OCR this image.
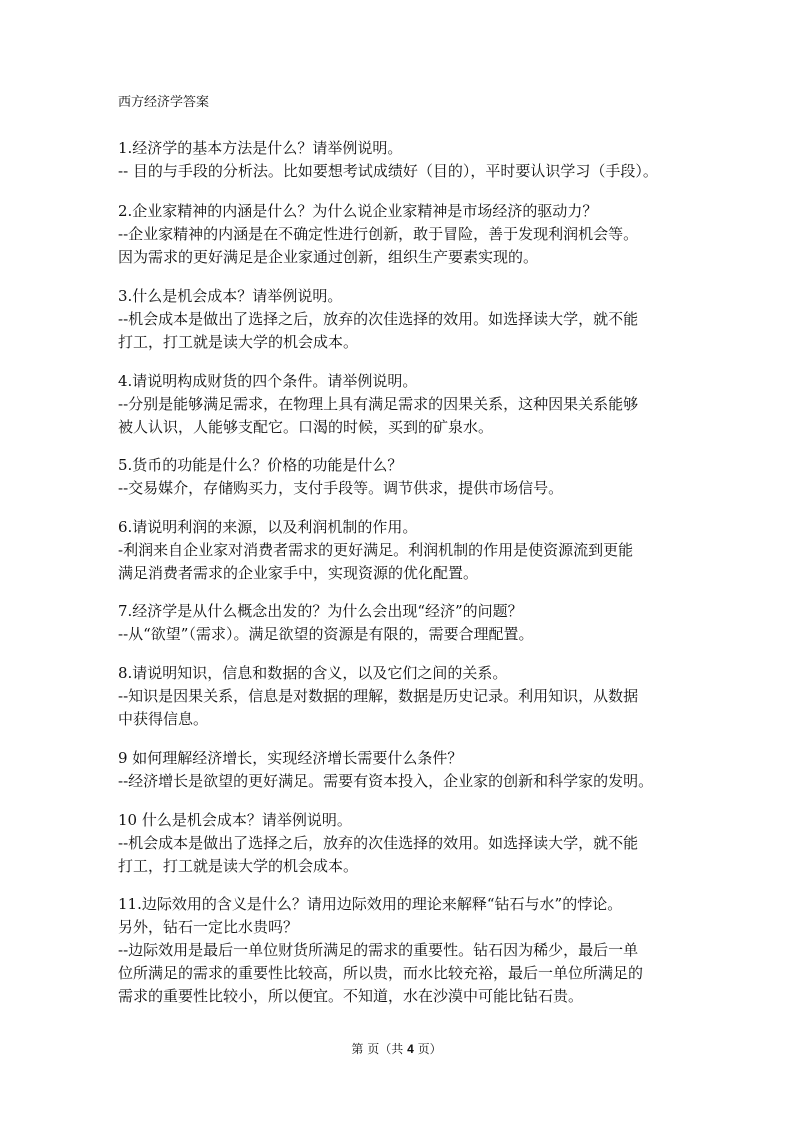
西方经济学答案

1.经济学的基本方法是什么？请举例说明。

-- 目的与手段的分析法。比如要想考试成绩好（目的），平时要认识学习（手段）。

2.企业家精神的内涵是什么？为什么说企业家精神是市场经济的驱动力？

--企业家精神的内涵是在不确定性进行创新，敢于冒险，善于发现利润机会等。

因为需求的更好满足是企业家通过创新，组织生产要素实现的。

3.什么是机会成本？请举例说明。

--机会成本是做出了选择之后，放弃的次佳选择的效用。如选择读大学，就不能

打工，打工就是读大学的机会成本。

4.请说明构成财货的四个条件。请举例说明。

--分别是能够满足需求，在物理上具有满足需求的因果关系，这种因果关系能够

被人认识，人能够支配它。口渴的时候，买到的矿泉水。

5.货币的功能是什么？价格的功能是什么？

--交易媒介，存储购买力，支付手段等。调节供求，提供市场信号。

6.请说明利润的来源，以及利润机制的作用。

-利润来自企业家对消费者需求的更好满足。利润机制的作用是使资源流到更能

满足消费者需求的企业家手中，实现资源的优化配置。

7.经济学是从什么概念出发的？为什么会出现“经济”的问题？

--从“欲望”（需求）。满足欲望的资源是有限的，需要合理配置。

8.请说明知识，信息和数据的含义，以及它们之间的关系。

--知识是因果关系，信息是对数据的理解，数据是历史记录。利用知识，从数据

中获得信息。

9 如何理解经济增长，实现经济增长需要什么条件？

--经济增长是欲望的更好满足。需要有资本投入，企业家的创新和科学家的发明。

10 什么是机会成本？请举例说明。

--机会成本是做出了选择之后，放弃的次佳选择的效用。如选择读大学，就不能

打工，打工就是读大学的机会成本。

11.边际效用的含义是什么？请用边际效用的理论来解释“钻石与水”的悖论。

另外，钻石一定比水贵吗？

--边际效用是最后一单位财货所满足的需求的重要性。钻石因为稀少，最后一单

位所满足的需求的重要性比较高，所以贵，而水比较充裕，最后一单位所满足的

需求的重要性比较小，所以便宜。不知道，水在沙漠中可能比钻石贵。

第 页（共 4 页）
